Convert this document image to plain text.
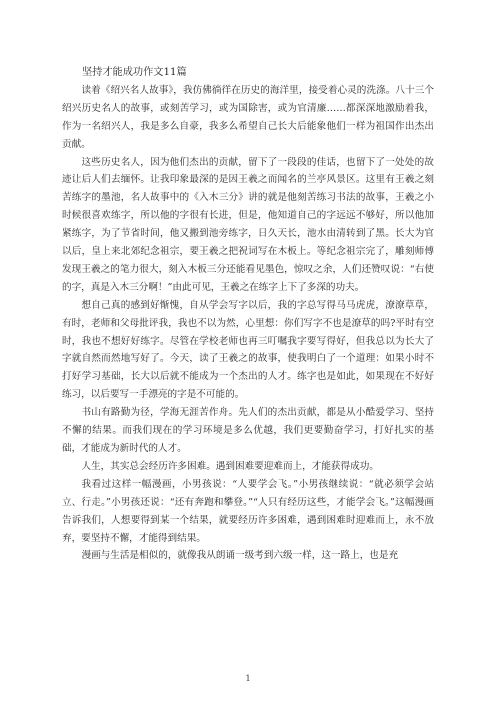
坚持才能成功作文11篇

读着《绍兴名人故事》，我仿佛徜徉在历史的海洋里，接受着心灵的洗涤。八十三个绍兴历史名人的故事，或刻苦学习，或为国除害，或为官清廉……都深深地激励着我，作为一名绍兴人，我是多么自豪，我多么希望自己长大后能象他们一样为祖国作出杰出贡献。

这些历史名人，因为他们杰出的贡献，留下了一段段的佳话，也留下了一处处的故迹让后人们去缅怀。让我印象最深的是因王羲之而闻名的兰亭风景区。这里有王羲之刻苦练字的墨池，名人故事中的《入木三分》讲的就是他刻苦练习书法的故事，王羲之小时候很喜欢练字，所以他的字很有长进，但是，他知道自己的字远远不够好，所以他加紧练字，为了节省时间，他又搬到池旁练字，日久天长，池水由清转到了黑。长大为官以后，皇上来北郊纪念祖宗，要王羲之把祝词写在木板上。等纪念祖宗完了，雕刻师傅发现王羲之的笔力很大，刻入木板三分还能看见墨色，惊叹之余，人们还赞叹说：“右使的字，真是入木三分啊！”由此可见，王羲之在练字上下了多深的功夫。

想自己真的感到好惭愧，自从学会写字以后，我的字总写得马马虎虎，潦潦草草，有时，老师和父母批评我，我也不以为然，心里想：你们写字不也是潦草的吗?平时有空时，我也不想好好练字。尽管在学校老师也再三叮嘱我字要写得好，但我总以为长大了字就自然而然地写好了。今天，读了王羲之的故事，使我明白了一个道理：如果小时不打好学习基础，长大以后就不能成为一个杰出的人才。练字也是如此，如果现在不好好练习，以后要写一手漂亮的字是不可能的。

书山有路勤为径，学海无涯苦作舟。先人们的杰出贡献，都是从小酷爱学习、坚持不懈的结果。而我们现在的学习环境是多么优越，我们更要勤奋学习，打好扎实的基础，才能成为新时代的人才。

人生，其实总会经历许多困难。遇到困难要迎难而上，才能获得成功。

我看过这样一幅漫画，小男孩说：“人要学会飞。”小男孩继续说：“就必须学会站立、行走。”小男孩还说：“还有奔跑和攀登。”“人只有经历这些，才能学会飞。”这幅漫画告诉我们，人想要得到某一个结果，就要经历许多困难，遇到困难时迎难而上，永不放弃，要坚持不懈，才能得到结果。

漫画与生活是相似的，就像我从朗诵一级考到六级一样，这一路上，也是充

1
